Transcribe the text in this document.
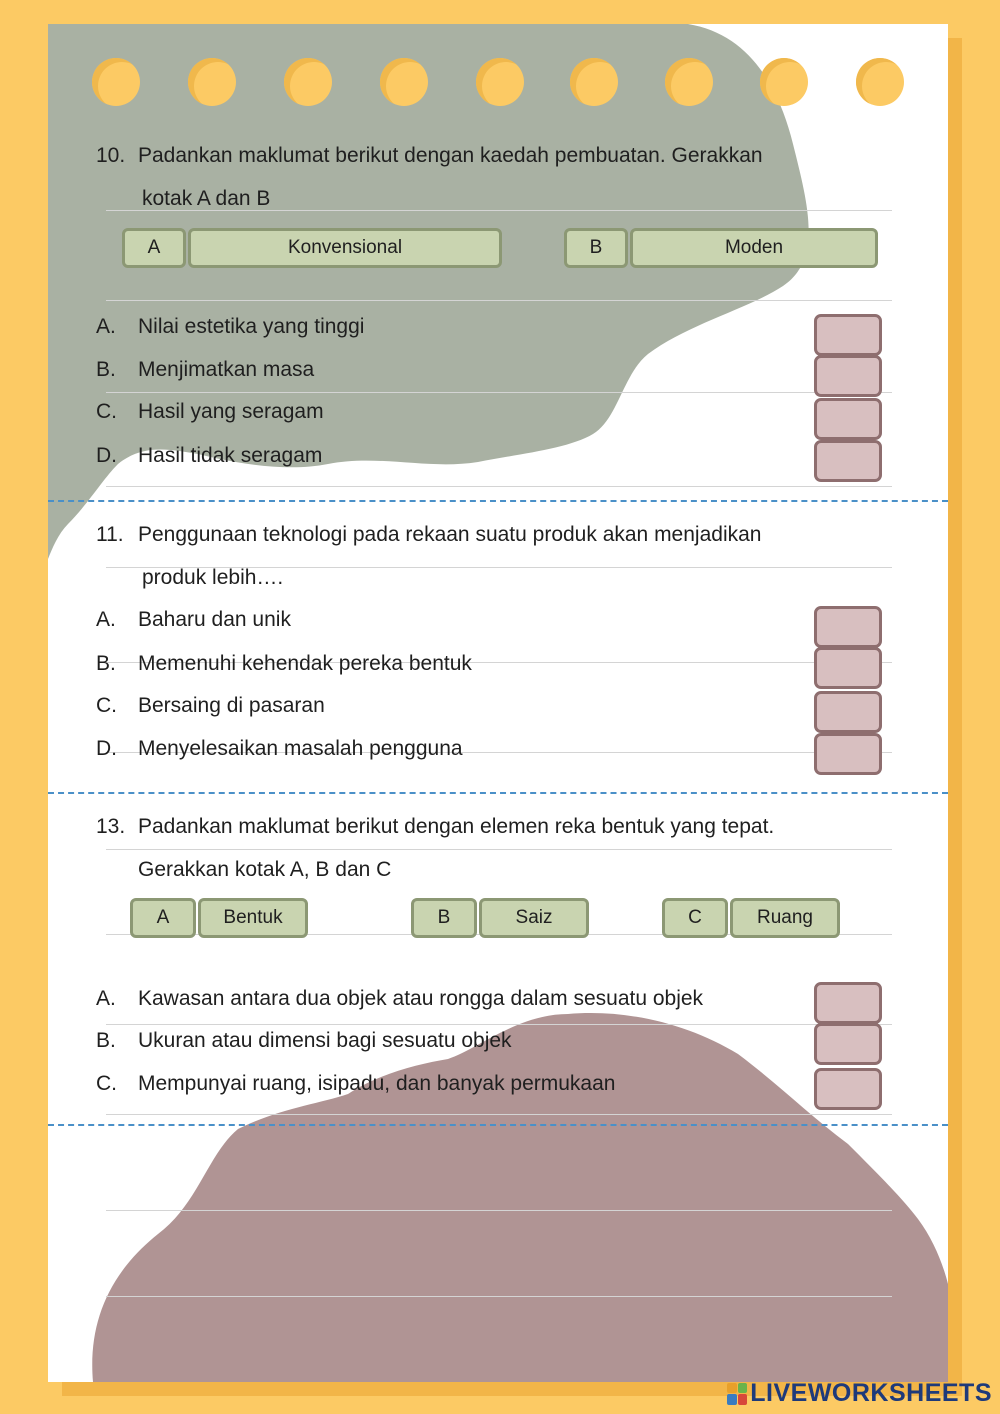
10. Padankan maklumat berikut dengan kaedah pembuatan. Gerakkan
kotak A dan B
A	Konvensional	B	Moden
A. Nilai estetika yang tinggi
B. Menjimatkan masa
C. Hasil yang seragam
D. Hasil tidak seragam
11. Penggunaan teknologi pada rekaan suatu produk akan menjadikan
produk lebih….
A. Baharu dan unik
B. Memenuhi kehendak pereka bentuk
C. Bersaing di pasaran
D. Menyelesaikan masalah pengguna
13. Padankan maklumat berikut dengan elemen reka bentuk yang tepat.
Gerakkan kotak A, B dan C
A	Bentuk	B	Saiz	C	Ruang
A. Kawasan antara dua objek atau rongga dalam sesuatu objek
B. Ukuran atau dimensi bagi sesuatu objek
C. Mempunyai ruang, isipadu, dan banyak permukaan
LIVEWORKSHEETS
